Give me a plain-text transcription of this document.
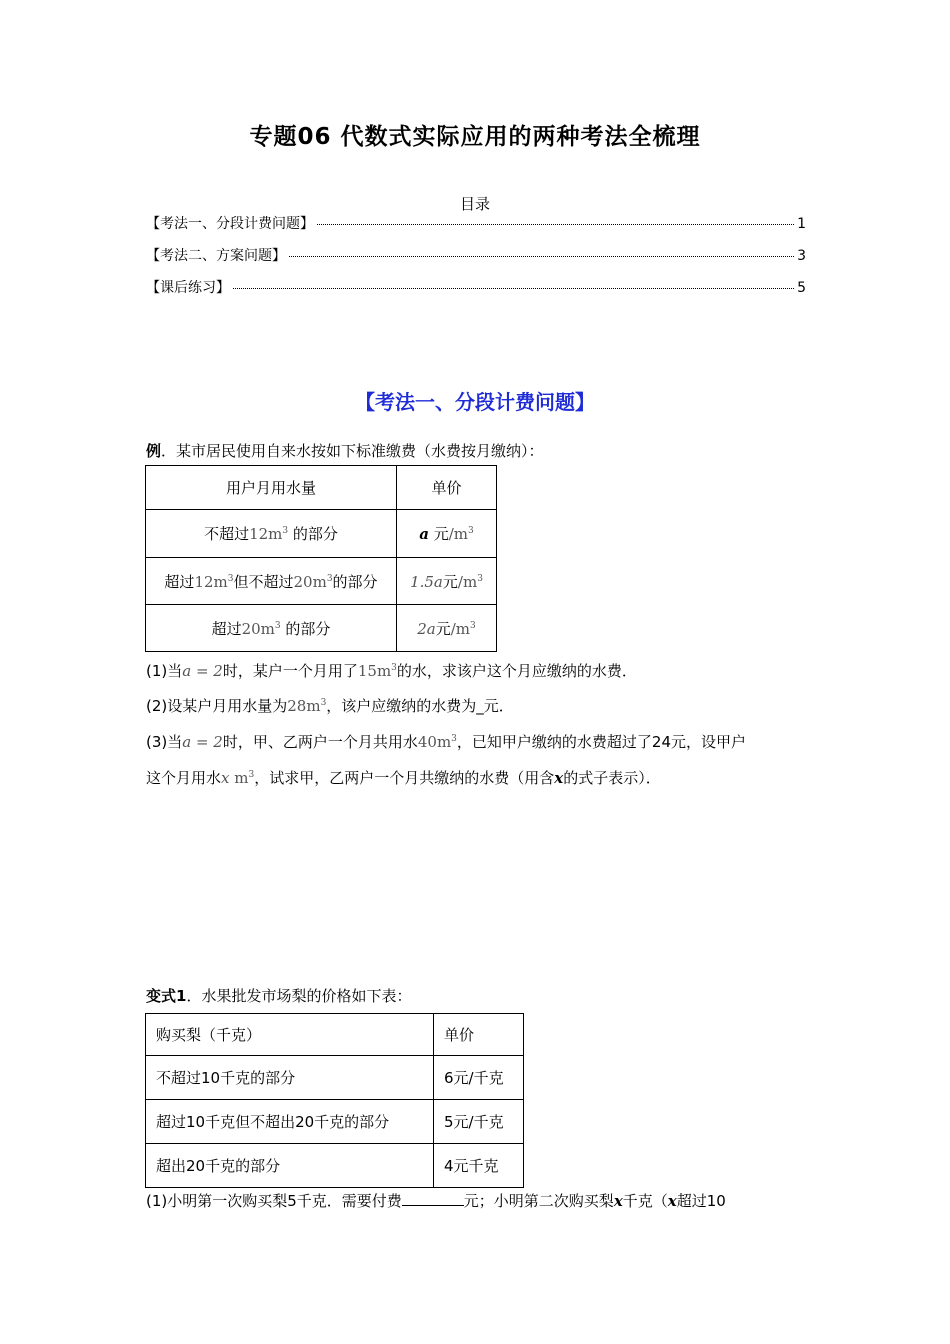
专题06 代数式实际应用的两种考法全梳理
目录
【考法一、分段计费问题】	1
【考法二、方案问题】	3
【课后练习】	5
【考法一、分段计费问题】
例．某市居民使用自来水按如下标准缴费（水费按月缴纳）：
用户月用水量	单价
不超过$12m^3$ 的部分	a 元$/m^3$
超过$12m^3$但不超过$20m^3$的部分	1.5a元$/m^3$
超过$20m^3$ 的部分	2a元$/m^3$
(1)当a = 2时，某户一个月用了$15m^3$的水，求该户这个月应缴纳的水费．
(2)设某户月用水量为$28m^3$，该户应缴纳的水费为_元．
(3)当a = 2时，甲、乙两户一个月共用水$40m^3$，已知甲户缴纳的水费超过了24元，设甲户
这个月用水x $m^3$，试求甲，乙两户一个月共缴纳的水费（用含x的式子表示）．
变式1．水果批发市场梨的价格如下表：
购买梨（千克）	单价
不超过10千克的部分	6元/千克
超过10千克但不超出20千克的部分	5元/千克
超出20千克的部分	4元千克
(1)小明第一次购买梨5千克．需要付费	元；小明第二次购买梨x千克（x超过10
